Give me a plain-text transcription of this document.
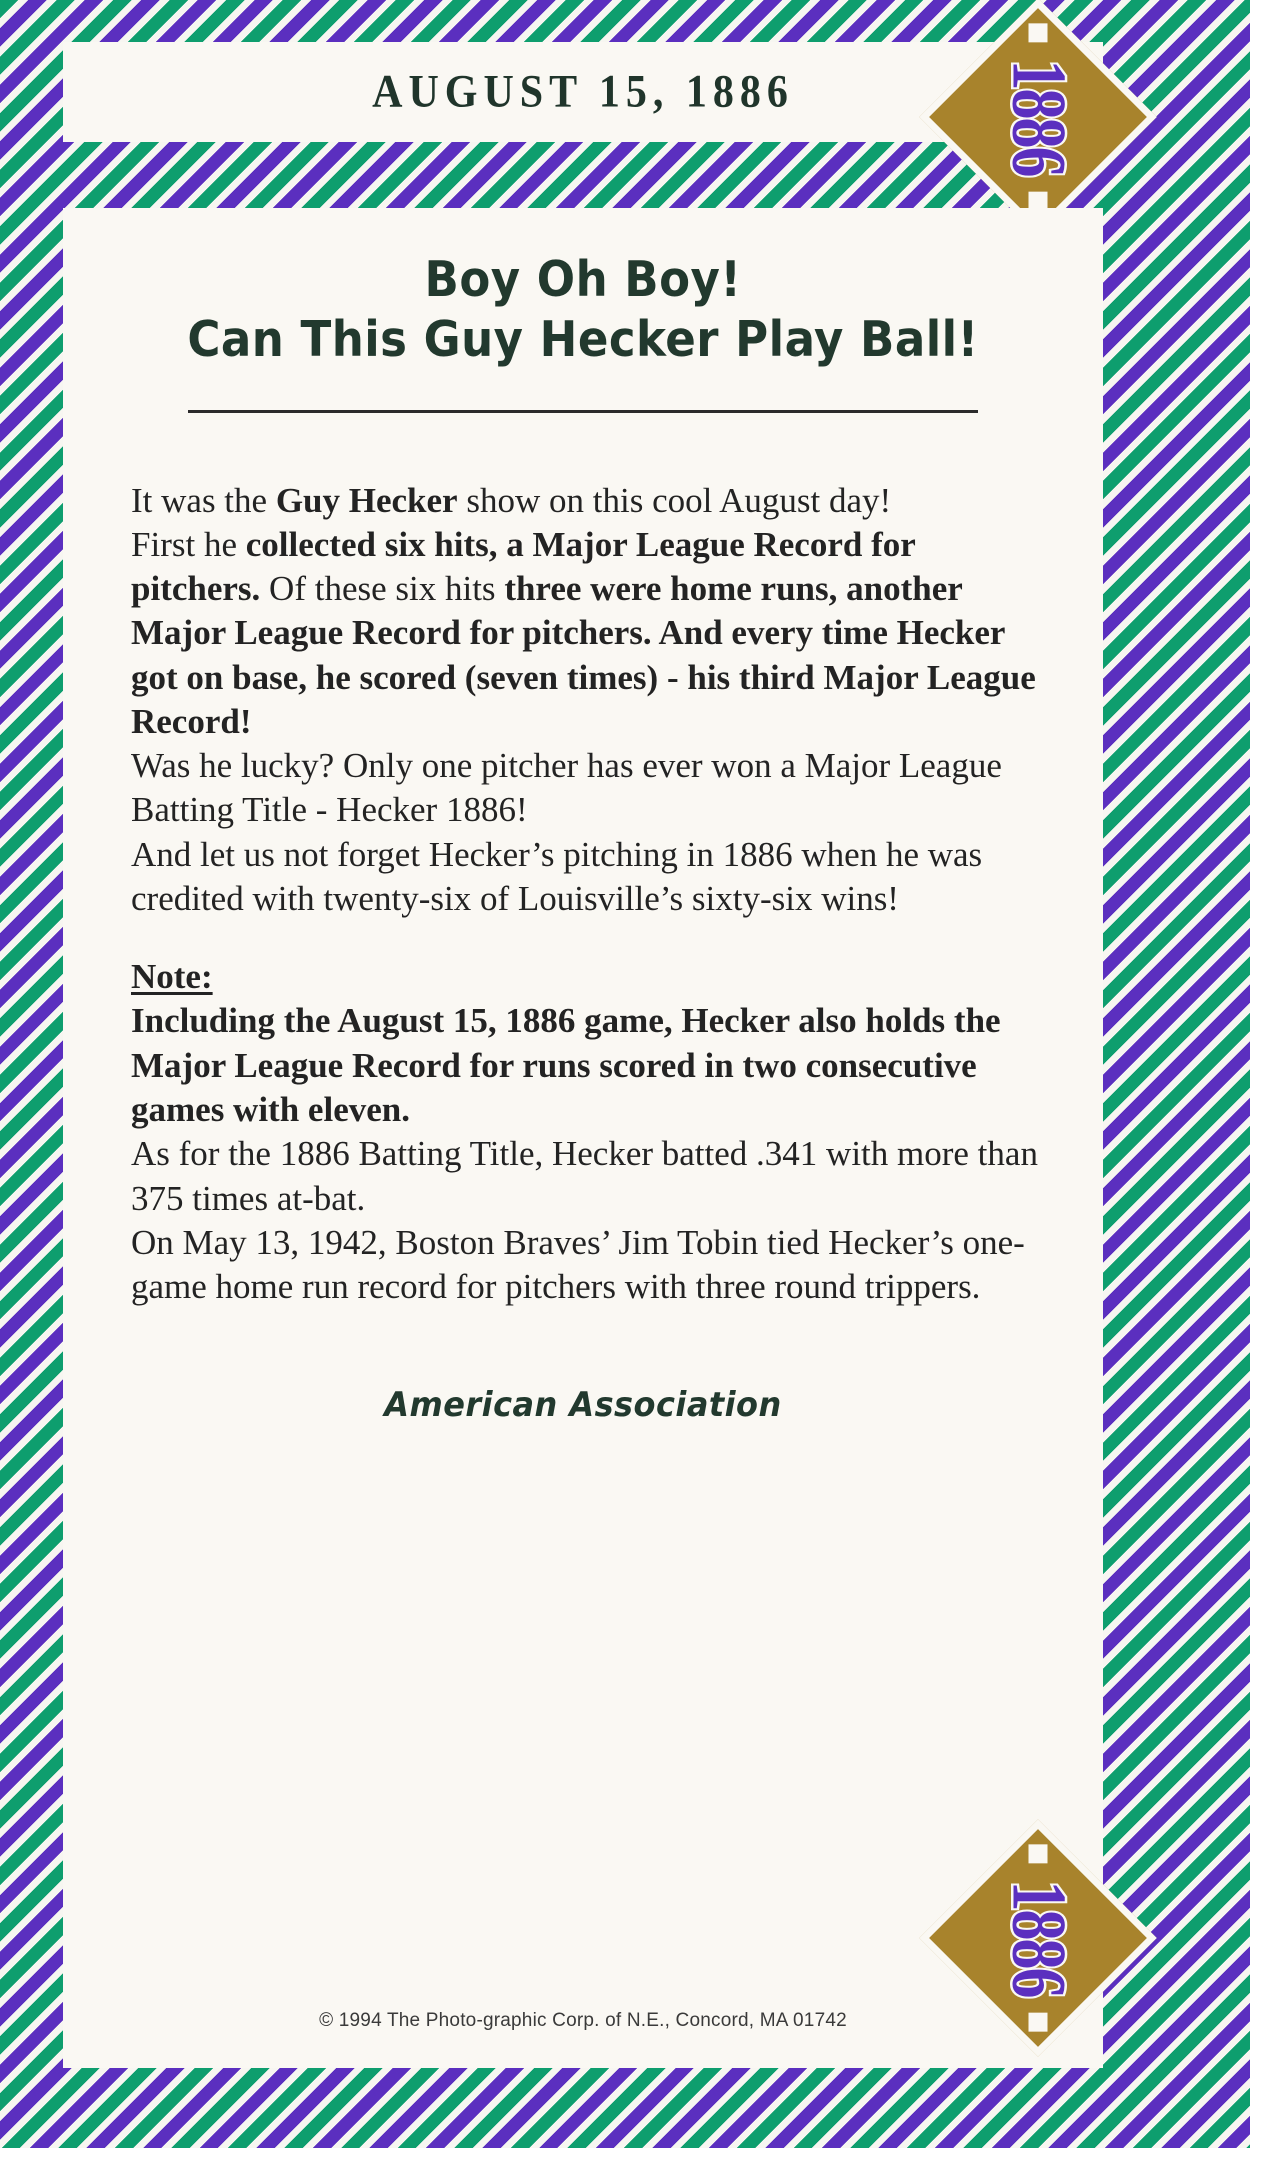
AUGUST 15, 1886	1886
Boy Oh Boy!
Can This Guy Hecker Play Ball!

It was the Guy Hecker show on this cool August day!

First he collected six hits, a Major League Record for pitchers. Of these six hits three were home runs, another Major League Record for pitchers. And every time Hecker got on base, he scored (seven times) - his third Major League Record!

Was he lucky? Only one pitcher has ever won a Major League Batting Title - Hecker 1886!

And let us not forget Hecker’s pitching in 1886 when he was credited with twenty-six of Louisville’s sixty-six wins!

Note:

Including the August 15, 1886 game, Hecker also holds the Major League Record for runs scored in two consecutive games with eleven.

As for the 1886 Batting Title, Hecker batted .341 with more than 375 times at-bat.

On May 13, 1942, Boston Braves’ Jim Tobin tied Hecker’s one-game home run record for pitchers with three round trippers.

American Association
© 1994 The Photo-graphic Corp. of N.E., Concord, MA 01742
1886
